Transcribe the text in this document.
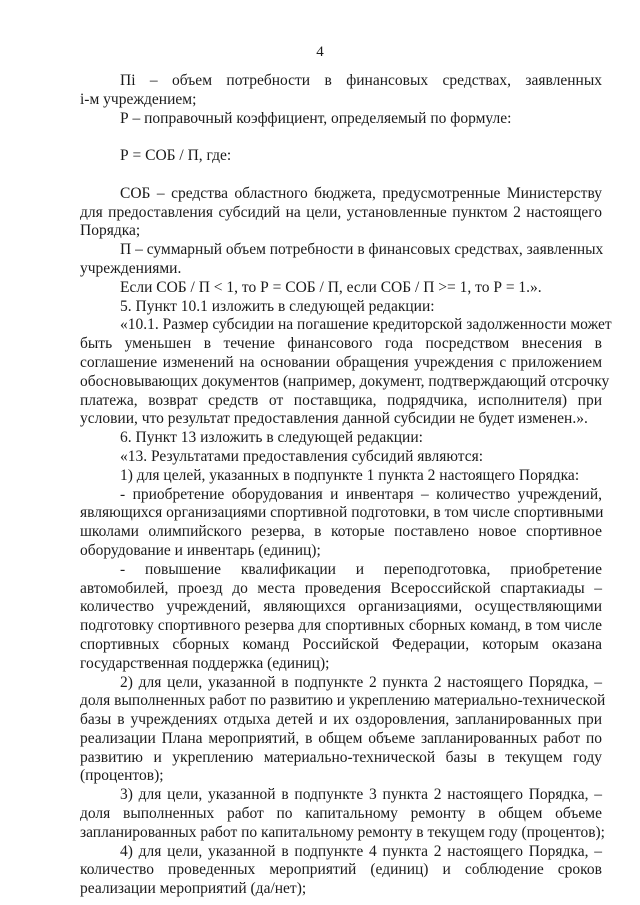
4
Пi – объем потребности в финансовых средствах, заявленных
i-м учреждением;
Р – поправочный коэффициент, определяемый по формуле:
Р = СОБ / П, где:
СОБ – средства областного бюджета, предусмотренные Министерству
для предоставления субсидий на цели, установленные пунктом 2 настоящего
Порядка;
П – суммарный объем потребности в финансовых средствах, заявленных
учреждениями.
Если СОБ / П < 1, то Р = СОБ / П, если СОБ / П >= 1, то Р = 1.».
5. Пункт 10.1 изложить в следующей редакции:
«10.1. Размер субсидии на погашение кредиторской задолженности может
быть уменьшен в течение финансового года посредством внесения в
соглашение изменений на основании обращения учреждения с приложением
обосновывающих документов (например, документ, подтверждающий отсрочку
платежа, возврат средств от поставщика, подрядчика, исполнителя) при
условии, что результат предоставления данной субсидии не будет изменен.».
6. Пункт 13 изложить в следующей редакции:
«13. Результатами предоставления субсидий являются:
1) для целей, указанных в подпункте 1 пункта 2 настоящего Порядка:
- приобретение оборудования и инвентаря – количество учреждений,
являющихся организациями спортивной подготовки, в том числе спортивными
школами олимпийского резерва, в которые поставлено новое спортивное
оборудование и инвентарь (единиц);
- повышение квалификации и переподготовка, приобретение
автомобилей, проезд до места проведения Всероссийской спартакиады –
количество учреждений, являющихся организациями, осуществляющими
подготовку спортивного резерва для спортивных сборных команд, в том числе
спортивных сборных команд Российской Федерации, которым оказана
государственная поддержка (единиц);
2) для цели, указанной в подпункте 2 пункта 2 настоящего Порядка, –
доля выполненных работ по развитию и укреплению материально-технической
базы в учреждениях отдыха детей и их оздоровления, запланированных при
реализации Плана мероприятий, в общем объеме запланированных работ по
развитию и укреплению материально-технической базы в текущем году
(процентов);
3) для цели, указанной в подпункте 3 пункта 2 настоящего Порядка, –
доля выполненных работ по капитальному ремонту в общем объеме
запланированных работ по капитальному ремонту в текущем году (процентов);
4) для цели, указанной в подпункте 4 пункта 2 настоящего Порядка, –
количество проведенных мероприятий (единиц) и соблюдение сроков
реализации мероприятий (да/нет);
